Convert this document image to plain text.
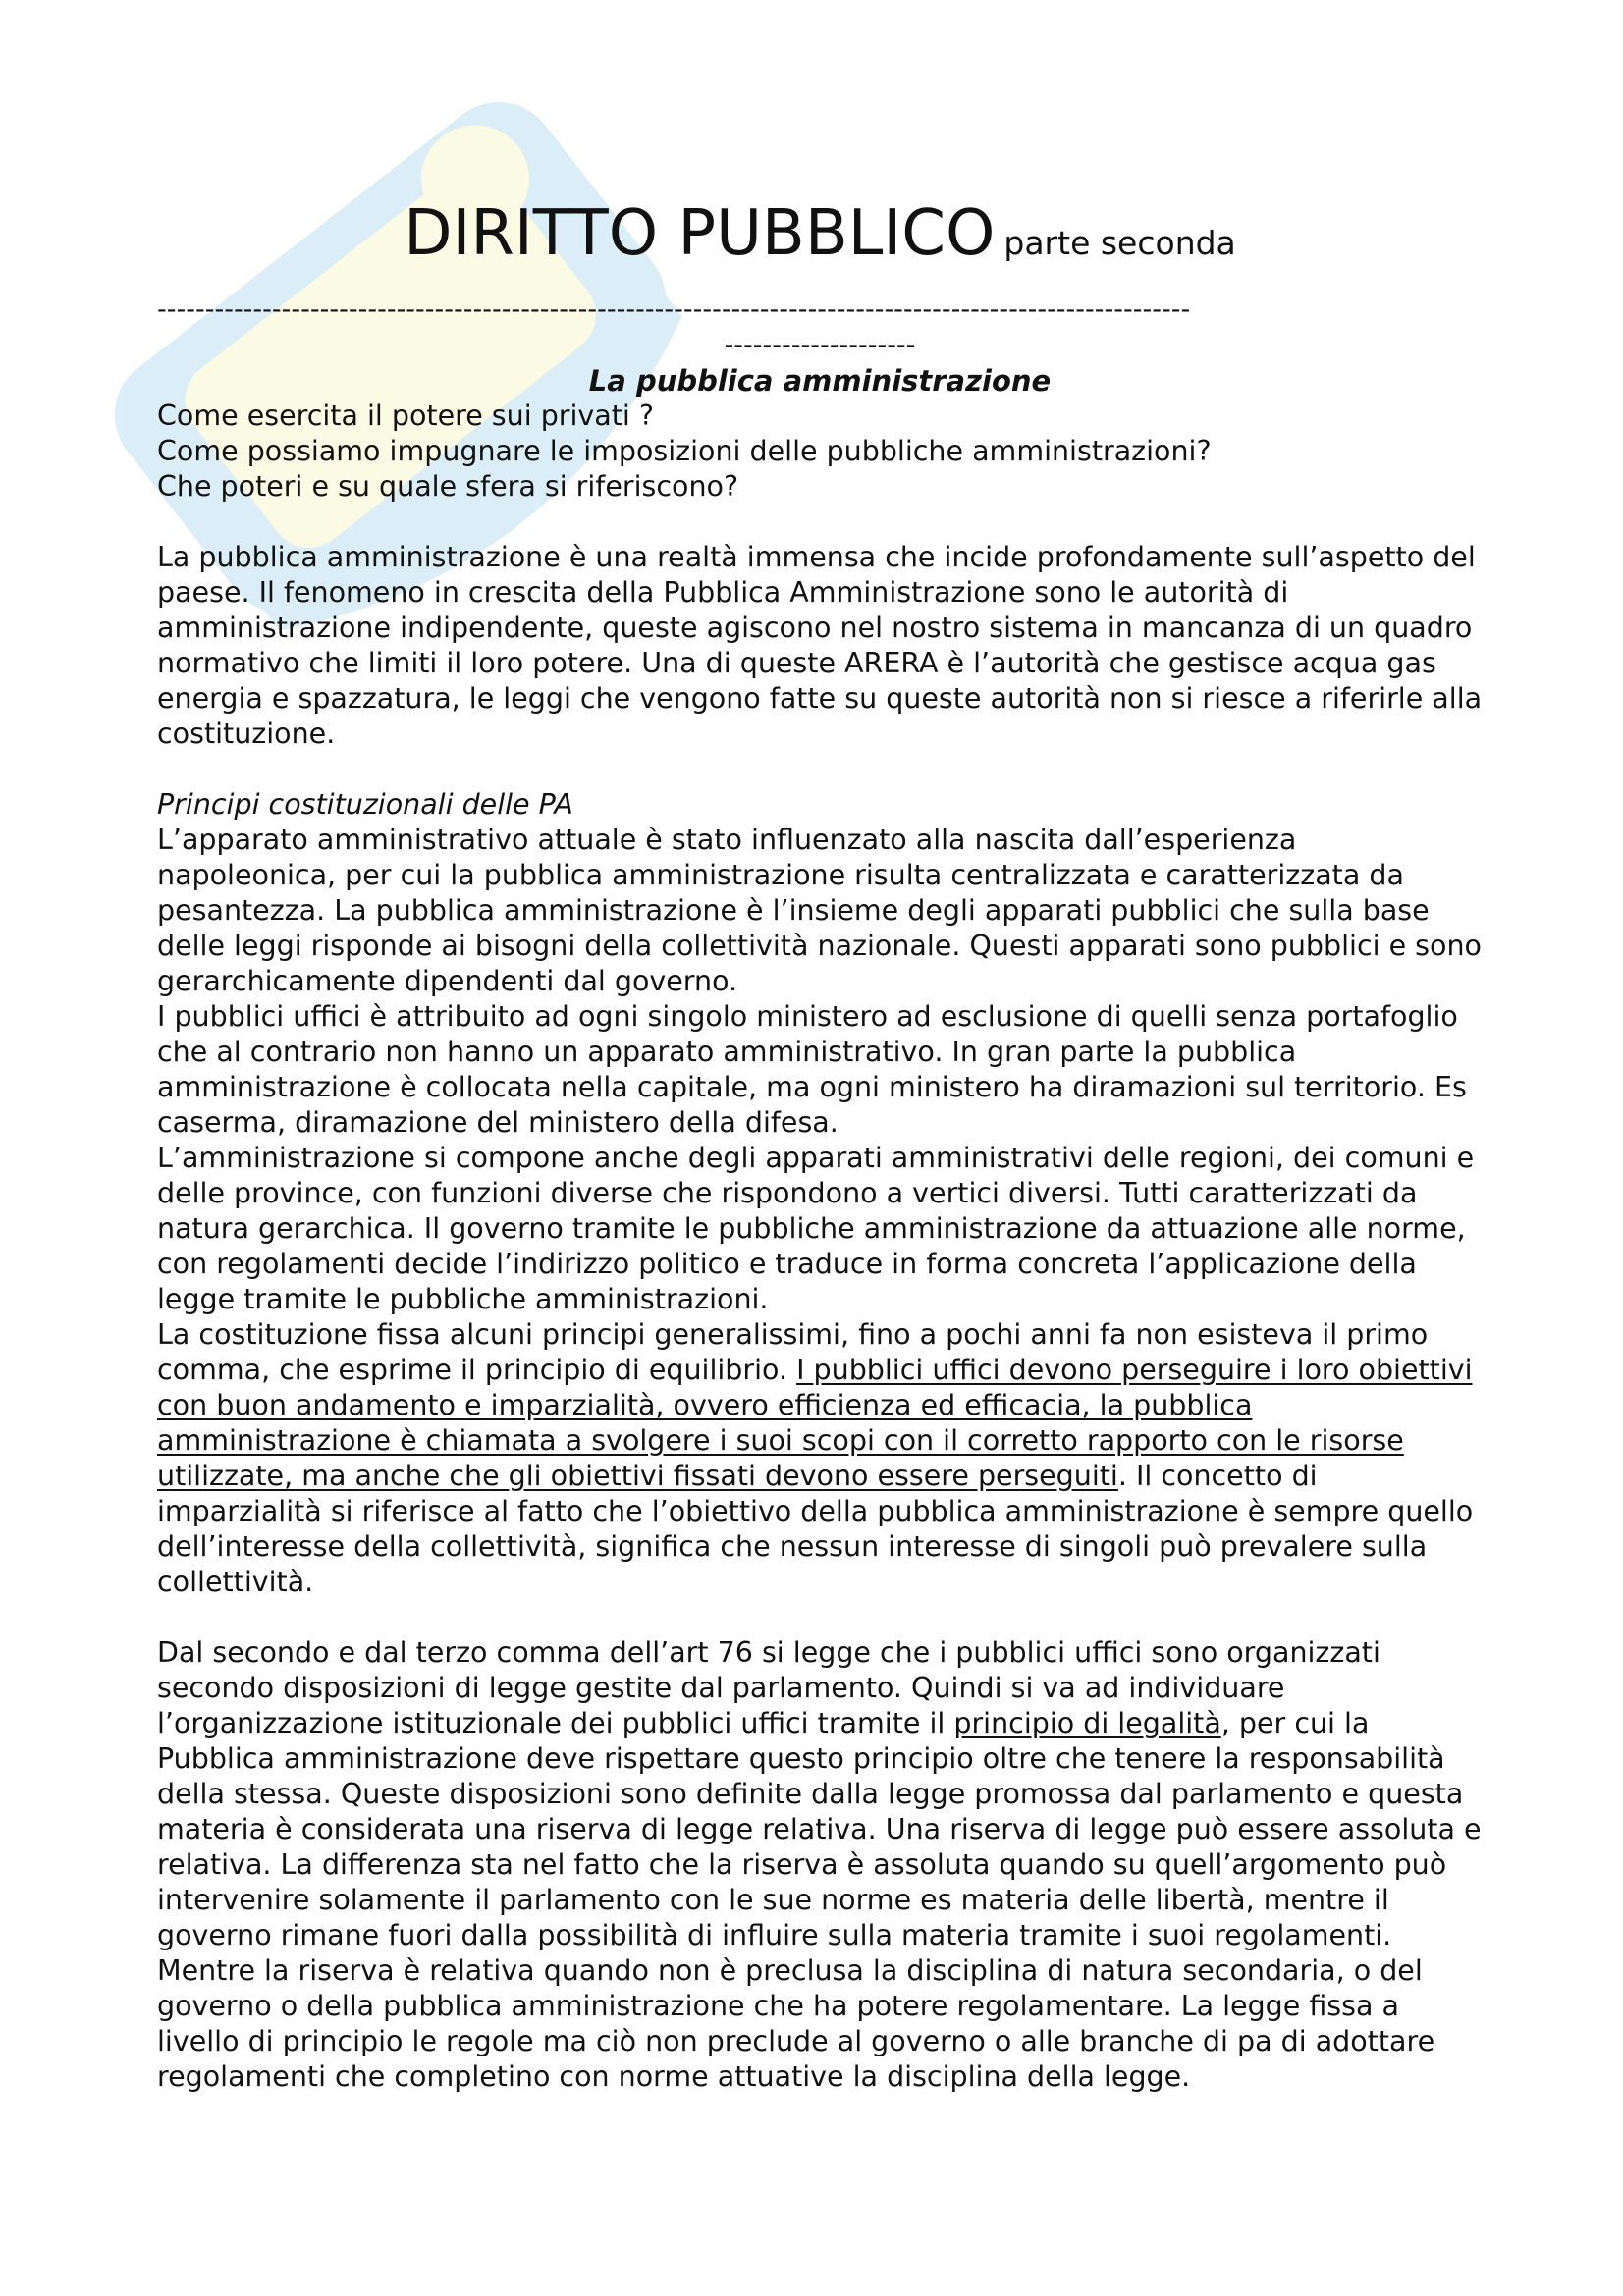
DIRITTO PUBBLICO parte seconda

------------------------------------------------------------------------------------------------------------

--------------------

La pubblica amministrazione

Come esercita il potere sui privati ?

Come possiamo impugnare le imposizioni delle pubbliche amministrazioni?

Che poteri e su quale sfera si riferiscono?

La pubblica amministrazione è una realtà immensa che incide profondamente sull’aspetto del paese. Il fenomeno in crescita della Pubblica Amministrazione sono le autorità di amministrazione indipendente, queste agiscono nel nostro sistema in mancanza di un quadro normativo che limiti il loro potere. Una di queste ARERA è l’autorità che gestisce acqua gas energia e spazzatura, le leggi che vengono fatte su queste autorità non si riesce a riferirle alla costituzione.

Principi costituzionali delle PA

L’apparato amministrativo attuale è stato influenzato alla nascita dall’esperienza napoleonica, per cui la pubblica amministrazione risulta centralizzata e caratterizzata da pesantezza. La pubblica amministrazione è l’insieme degli apparati pubblici che sulla base delle leggi risponde ai bisogni della collettività nazionale. Questi apparati sono pubblici e sono gerarchicamente dipendenti dal governo.

I pubblici uffici è attribuito ad ogni singolo ministero ad esclusione di quelli senza portafoglio che al contrario non hanno un apparato amministrativo. In gran parte la pubblica amministrazione è collocata nella capitale, ma ogni ministero ha diramazioni sul territorio. Es caserma, diramazione del ministero della difesa.

L’amministrazione si compone anche degli apparati amministrativi delle regioni, dei comuni e delle province, con funzioni diverse che rispondono a vertici diversi. Tutti caratterizzati da natura gerarchica. Il governo tramite le pubbliche amministrazione da attuazione alle norme, con regolamenti decide l’indirizzo politico e traduce in forma concreta l’applicazione della legge tramite le pubbliche amministrazioni.

La costituzione fissa alcuni principi generalissimi, fino a pochi anni fa non esisteva il primo comma, che esprime il principio di equilibrio. I pubblici uffici devono perseguire i loro obiettivi con buon andamento e imparzialità, ovvero efficienza ed efficacia, la pubblica amministrazione è chiamata a svolgere i suoi scopi con il corretto rapporto con le risorse utilizzate, ma anche che gli obiettivi fissati devono essere perseguiti. Il concetto di imparzialità si riferisce al fatto che l’obiettivo della pubblica amministrazione è sempre quello dell’interesse della collettività, significa che nessun interesse di singoli può prevalere sulla collettività.

Dal secondo e dal terzo comma dell’art 76 si legge che i pubblici uffici sono organizzati secondo disposizioni di legge gestite dal parlamento. Quindi si va ad individuare l’organizzazione istituzionale dei pubblici uffici tramite il principio di legalità, per cui la Pubblica amministrazione deve rispettare questo principio oltre che tenere la responsabilità della stessa. Queste disposizioni sono definite dalla legge promossa dal parlamento e questa materia è considerata una riserva di legge relativa. Una riserva di legge può essere assoluta e relativa. La differenza sta nel fatto che la riserva è assoluta quando su quell’argomento può intervenire solamente il parlamento con le sue norme es materia delle libertà, mentre il governo rimane fuori dalla possibilità di influire sulla materia tramite i suoi regolamenti. Mentre la riserva è relativa quando non è preclusa la disciplina di natura secondaria, o del governo o della pubblica amministrazione che ha potere regolamentare. La legge fissa a livello di principio le regole ma ciò non preclude al governo o alle branche di pa di adottare regolamenti che completino con norme attuative la disciplina della legge.
